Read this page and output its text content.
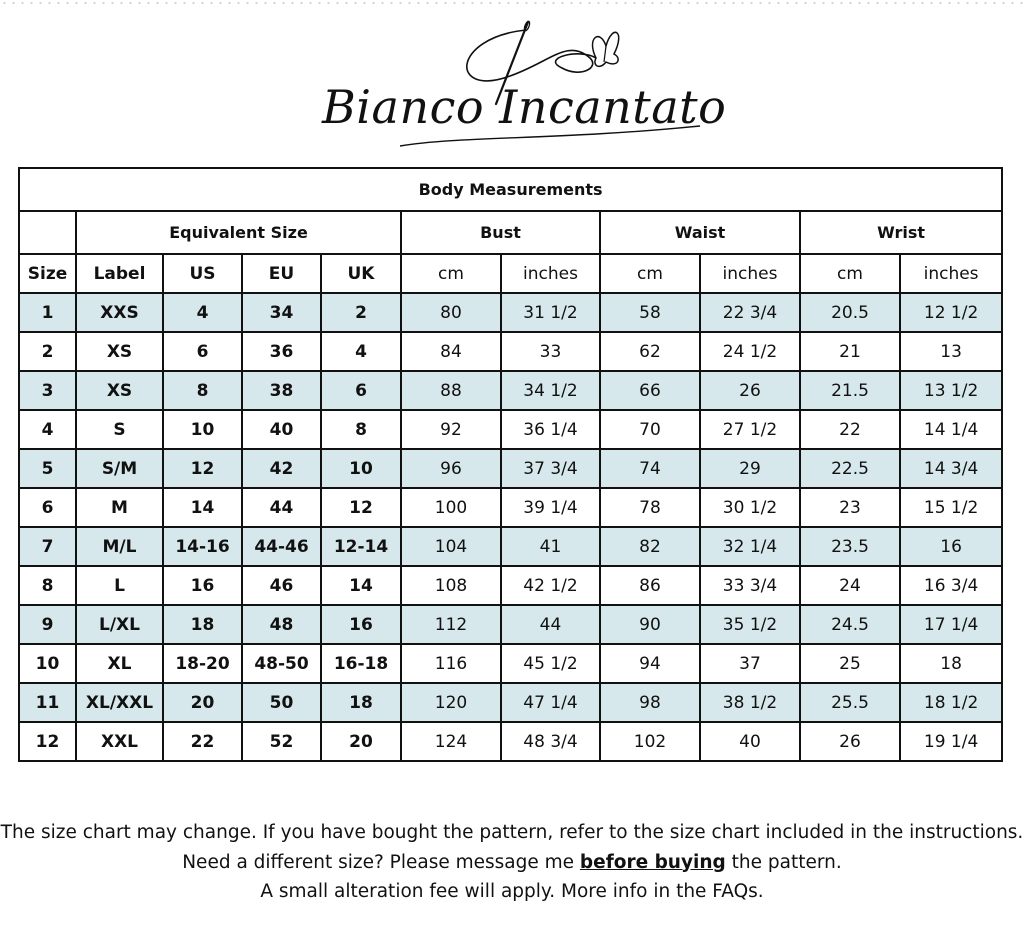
Bianco Incantato
Body Measurements										
	Equivalent Size				Bust		Waist		Wrist	
Size	Label	US	EU	UK	cm	inches	cm	inches	cm	inches
1	XXS	4	34	2	80	31 1/2	58	22 3/4	20.5	12 1/2
2	XS	6	36	4	84	33	62	24 1/2	21	13
3	XS	8	38	6	88	34 1/2	66	26	21.5	13 1/2
4	S	10	40	8	92	36 1/4	70	27 1/2	22	14 1/4
5	S/M	12	42	10	96	37 3/4	74	29	22.5	14 3/4
6	M	14	44	12	100	39 1/4	78	30 1/2	23	15 1/2
7	M/L	14-16	44-46	12-14	104	41	82	32 1/4	23.5	16
8	L	16	46	14	108	42 1/2	86	33 3/4	24	16 3/4
9	L/XL	18	48	16	112	44	90	35 1/2	24.5	17 1/4
10	XL	18-20	48-50	16-18	116	45 1/2	94	37	25	18
11	XL/XXL	20	50	18	120	47 1/4	98	38 1/2	25.5	18 1/2
12	XXL	22	52	20	124	48 3/4	102	40	26	19 1/4
The size chart may change. If you have bought the pattern, refer to the size chart included in the instructions.
Need a different size? Please message me before buying the pattern.
A small alteration fee will apply. More info in the FAQs.
